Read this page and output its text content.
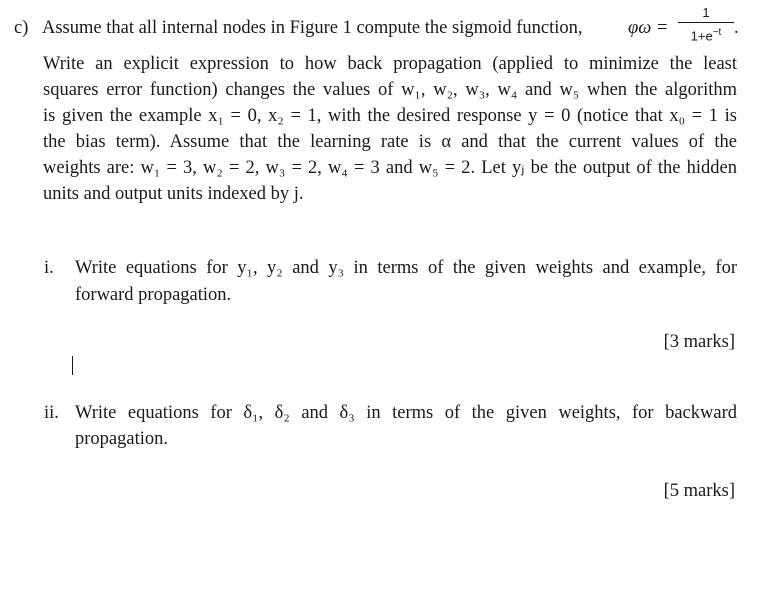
c) Assume that all internal nodes in Figure 1 compute the sigmoid function, φω =
1
$1+e^{-t}$ .
Write an explicit expression to how back propagation (applied to minimize the least
squares error function) changes the values of w₁, w₂, w₃, w₄ and w₅ when the algorithm
is given the example x₁ = 0, x₂ = 1, with the desired response y = 0 (notice that x₀ = 1 is
the bias term). Assume that the learning rate is α and that the current values of the
weights are: w₁ = 3, w₂ = 2, w₃ = 2, w₄ = 3 and w₅ = 2. Let yⱼ be the output of the hidden
units and output units indexed by j.
i. Write equations for y₁, y₂ and y₃ in terms of the given weights and example, for
forward propagation.
[3 marks]
ii. Write equations for δ₁, δ₂ and δ₃ in terms of the given weights, for backward
propagation.
[5 marks]
